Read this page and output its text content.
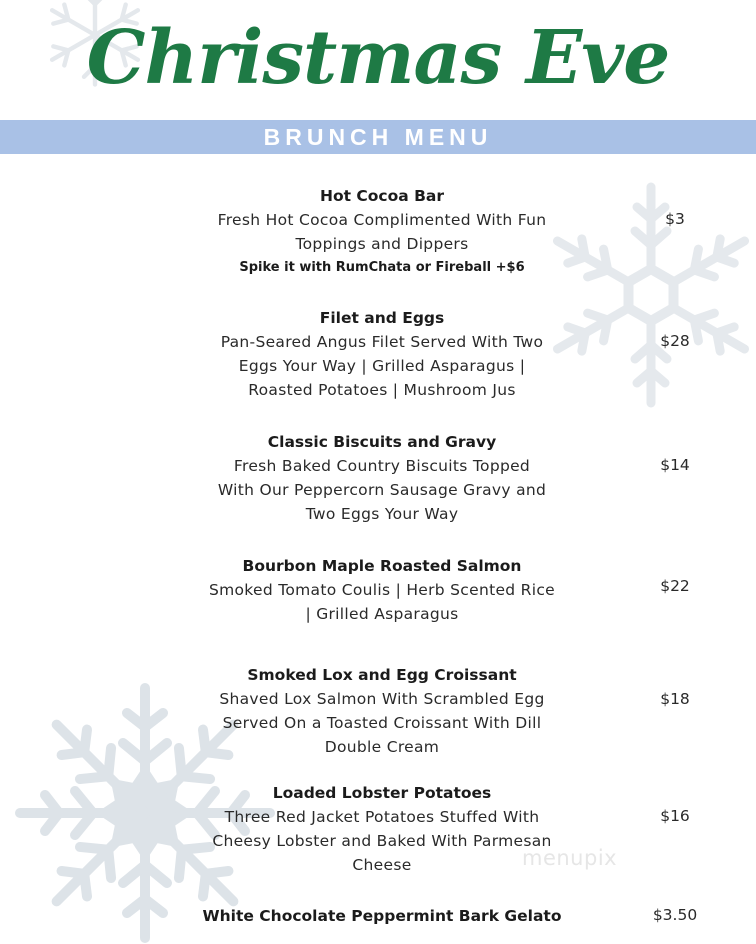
Christmas Eve
BRUNCH MENU
Hot Cocoa Bar
Fresh Hot Cocoa Complimented With Fun
Toppings and Dippers
Spike it with RumChata or Fireball +$6
$3
Filet and Eggs
Pan-Seared Angus Filet Served With Two
Eggs Your Way | Grilled Asparagus |
Roasted Potatoes | Mushroom Jus
$28
Classic Biscuits and Gravy
Fresh Baked Country Biscuits Topped
With Our Peppercorn Sausage Gravy and
Two Eggs Your Way
$14
Bourbon Maple Roasted Salmon
Smoked Tomato Coulis | Herb Scented Rice
| Grilled Asparagus
$22
Smoked Lox and Egg Croissant
Shaved Lox Salmon With Scrambled Egg
Served On a Toasted Croissant With Dill
Double Cream
$18
Loaded Lobster Potatoes
Three Red Jacket Potatoes Stuffed With
Cheesy Lobster and Baked With Parmesan
Cheese
$16
White Chocolate Peppermint Bark Gelato	$3.50
menupix
